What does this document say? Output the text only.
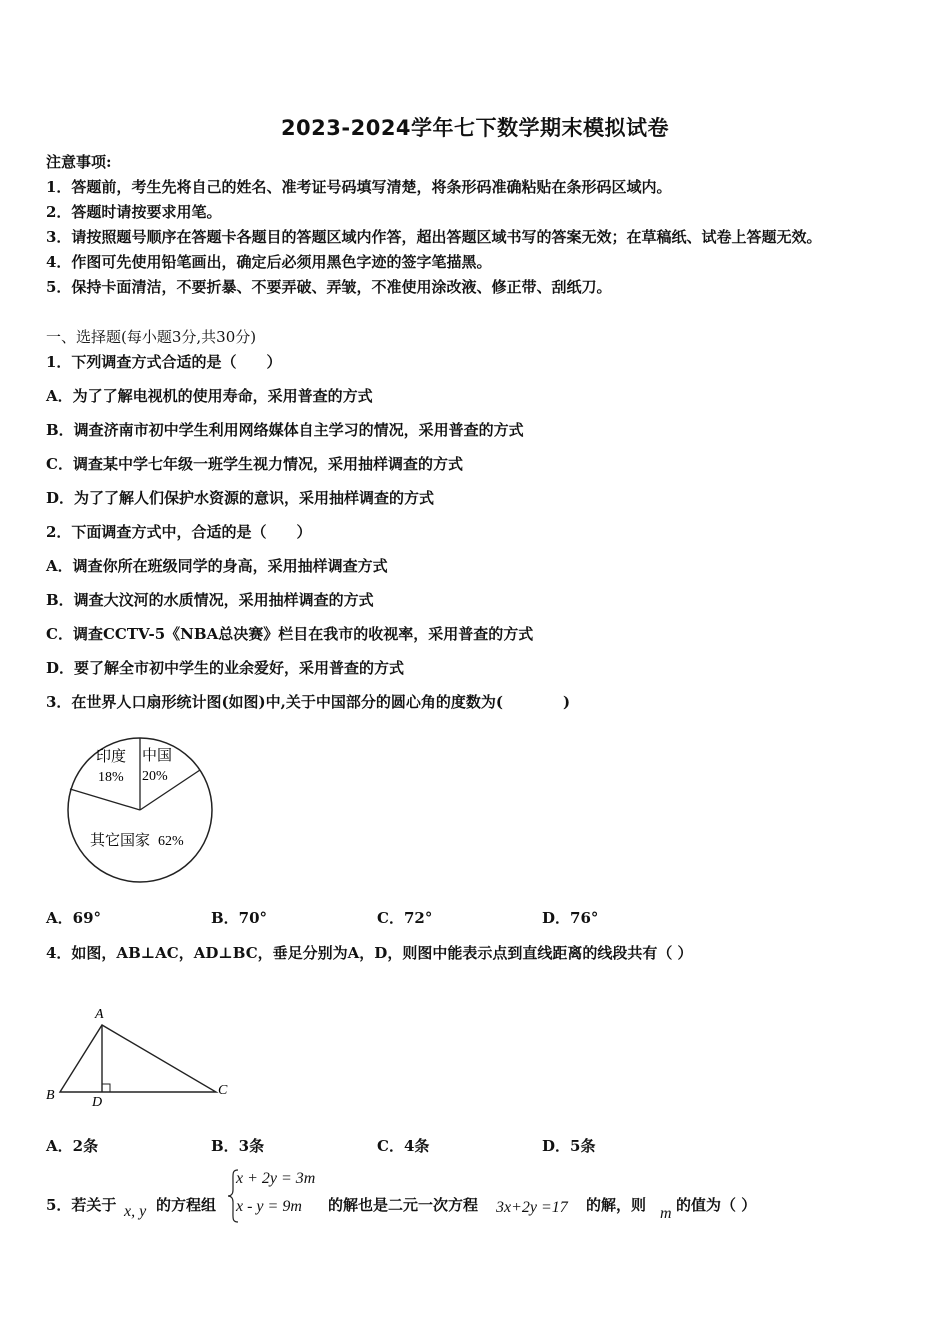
2023-2024学年七下数学期末模拟试卷
注意事项:
1．答题前，考生先将自己的姓名、准考证号码填写清楚，将条形码准确粘贴在条形码区域内。
2．答题时请按要求用笔。
3．请按照题号顺序在答题卡各题目的答题区域内作答，超出答题区域书写的答案无效；在草稿纸、试卷上答题无效。
4．作图可先使用铅笔画出，确定后必须用黑色字迹的签字笔描黑。
5．保持卡面清洁，不要折暴、不要弄破、弄皱，不准使用涂改液、修正带、刮纸刀。
一、选择题(每小题3分,共30分)
1．下列调查方式合适的是（　　）
A．为了了解电视机的使用寿命，采用普查的方式
B．调查济南市初中学生利用网络媒体自主学习的情况，采用普查的方式
C．调查某中学七年级一班学生视力情况，采用抽样调查的方式
D．为了了解人们保护水资源的意识，采用抽样调查的方式
2．下面调查方式中，合适的是（　　）
A．调查你所在班级同学的身高，采用抽样调查方式
B．调查大汶河的水质情况，采用抽样调查的方式
C．调查CCTV-5《NBA总决赛》栏目在我市的收视率，采用普查的方式
D．要了解全市初中学生的业余爱好，采用普查的方式
3．在世界人口扇形统计图(如图)中,关于中国部分的圆心角的度数为(　　　　)
印度
18%
中国
20%
其它国家 62%
A．69°	B．70°	C．72°	D．76°
4．如图，AB⊥AC，AD⊥BC，垂足分别为A，D，则图中能表示点到直线距离的线段共有（ ）
A
B	C
D
A．2条	B．3条	C．4条	D．5条
5．若关于 x, y 的方程组
x + 2y = 3m
x - y = 9m 的解也是二元一次方程 3x+2y =17 的解，则 m 的值为（ ）
